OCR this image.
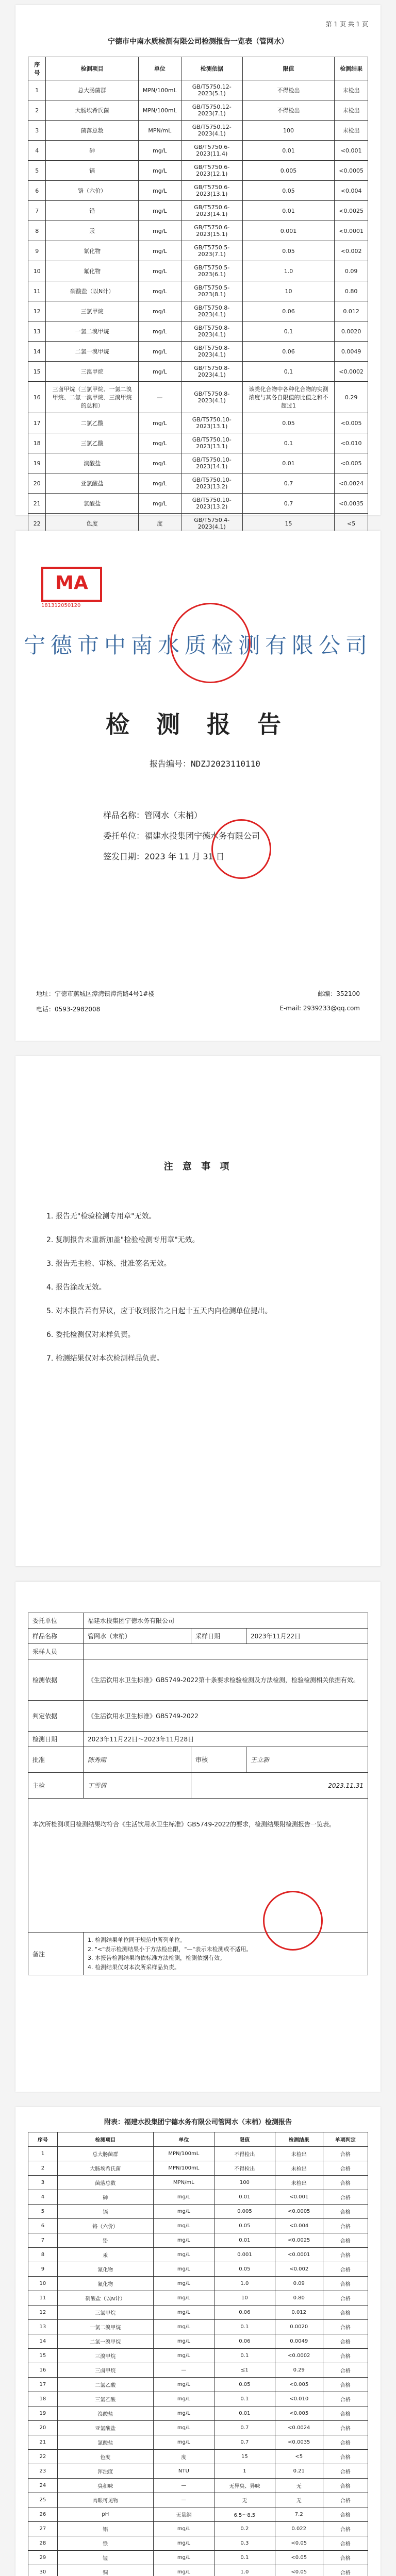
第 1 页 共 1 页
宁德市中南水质检测有限公司检测报告一览表（管网水）
序号	检测项目	单位	检测依据	限值	检测结果
1	总大肠菌群	MPN/100mL	GB/T5750.12-2023(5.1)	不得检出	未检出
2	大肠埃希氏菌	MPN/100mL	GB/T5750.12-2023(7.1)	不得检出	未检出
3	菌落总数	MPN/mL	GB/T5750.12-2023(4.1)	100	未检出
4	砷	mg/L	GB/T5750.6-2023(11.4)	0.01	<0.001
5	镉	mg/L	GB/T5750.6-2023(12.1)	0.005	<0.0005
6	铬（六价）	mg/L	GB/T5750.6-2023(13.1)	0.05	<0.004
7	铅	mg/L	GB/T5750.6-2023(14.1)	0.01	<0.0025
8	汞	mg/L	GB/T5750.6-2023(15.1)	0.001	<0.0001
9	氰化物	mg/L	GB/T5750.5-2023(7.1)	0.05	<0.002
10	氟化物	mg/L	GB/T5750.5-2023(6.1)	1.0	0.09
11	硝酸盐（以N计）	mg/L	GB/T5750.5-2023(8.1)	10	0.80
12	三氯甲烷	mg/L	GB/T5750.8-2023(4.1)	0.06	0.012
13	一氯二溴甲烷	mg/L	GB/T5750.8-2023(4.1)	0.1	0.0020
14	二氯一溴甲烷	mg/L	GB/T5750.8-2023(4.1)	0.06	0.0049
15	三溴甲烷	mg/L	GB/T5750.8-2023(4.1)	0.1	<0.0002
16	三卤甲烷（三氯甲烷、一氯二溴甲烷、二氯一溴甲烷、三溴甲烷的总和）	—	GB/T5750.8-2023(4.1)	该类化合物中各种化合物的实测浓度与其各自限值的比值之和不超过1	0.29
17	二氯乙酸	mg/L	GB/T5750.10-2023(13.1)	0.05	<0.005
18	三氯乙酸	mg/L	GB/T5750.10-2023(13.1)	0.1	<0.010
19	溴酸盐	mg/L	GB/T5750.10-2023(14.1)	0.01	<0.005
20	亚氯酸盐	mg/L	GB/T5750.10-2023(13.2)	0.7	<0.0024
21	氯酸盐	mg/L	GB/T5750.10-2023(13.2)	0.7	<0.0035
22	色度	度	GB/T5750.4-2023(4.1)	15	<5
MA
181312050120
宁德市中南水质检测有限公司
检 测 报 告
报告编号：NDZJ2023110110
样品名称：管网水（末梢）
委托单位：福建水投集团宁德水务有限公司
签发日期：2023 年 11 月 31 日
地址：宁德市蕉城区漳湾镇漳湾路4号1#楼	邮编：352100
电话：0593-2982008	E-mail: 2939233@qq.com
注 意 事 项
1. 报告无"检验检测专用章"无效。
2. 复制报告未重新加盖"检验检测专用章"无效。
3. 报告无主检、审核、批准签名无效。
4. 报告涂改无效。
5. 对本报告若有异议，应于收到报告之日起十五天内向检测单位提出。
6. 委托检测仅对来样负责。
7. 检测结果仅对本次检测样品负责。
委托单位	福建水投集团宁德水务有限公司		
样品名称	管网水（末梢）	采样日期	2023年11月22日
采样人员			
检测依据	《生活饮用水卫生标准》GB5749-2022第十条要求检验检测及方法检测，检验检测相关依据有效。		
判定依据	《生活饮用水卫生标准》GB5749-2022		
检测日期	2023年11月22日～2023年11月28日		
批准	陈秀雨	审核	王立新
主检	丁雪倩	2023.11.31	
本次所检测项目检测结果均符合《生活饮用水卫生标准》GB5749-2022的要求，检测结果附检测报告一览表。			
备注	1. 检测结果单位同于规范中所列单位。
2. "<"表示检测结果小于方法检出限，"—"表示未检测或不适用。
3. 本报告检测结果均依标准方法检测，检测依据有效。
4. 检测结果仅对本次所采样品负责。		
附表：福建水投集团宁德水务有限公司管网水（末梢）检测报告
序号	检测项目	单位	限值	检测结果	单项判定
1	总大肠菌群	MPN/100mL	不得检出	未检出	合格
2	大肠埃希氏菌	MPN/100mL	不得检出	未检出	合格
3	菌落总数	MPN/mL	100	未检出	合格
4	砷	mg/L	0.01	<0.001	合格
5	镉	mg/L	0.005	<0.0005	合格
6	铬（六价）	mg/L	0.05	<0.004	合格
7	铅	mg/L	0.01	<0.0025	合格
8	汞	mg/L	0.001	<0.0001	合格
9	氰化物	mg/L	0.05	<0.002	合格
10	氟化物	mg/L	1.0	0.09	合格
11	硝酸盐（以N计）	mg/L	10	0.80	合格
12	三氯甲烷	mg/L	0.06	0.012	合格
13	一氯二溴甲烷	mg/L	0.1	0.0020	合格
14	二氯一溴甲烷	mg/L	0.06	0.0049	合格
15	三溴甲烷	mg/L	0.1	<0.0002	合格
16	三卤甲烷	—	≤1	0.29	合格
17	二氯乙酸	mg/L	0.05	<0.005	合格
18	三氯乙酸	mg/L	0.1	<0.010	合格
19	溴酸盐	mg/L	0.01	<0.005	合格
20	亚氯酸盐	mg/L	0.7	<0.0024	合格
21	氯酸盐	mg/L	0.7	<0.0035	合格
22	色度	度	15	<5	合格
23	浑浊度	NTU	1	0.21	合格
24	臭和味	—	无异臭、异味	无	合格
25	肉眼可见物	—	无	无	合格
26	pH	无量纲	6.5～8.5	7.2	合格
27	铝	mg/L	0.2	0.022	合格
28	铁	mg/L	0.3	<0.05	合格
29	锰	mg/L	0.1	<0.05	合格
30	铜	mg/L	1.0	<0.05	合格
